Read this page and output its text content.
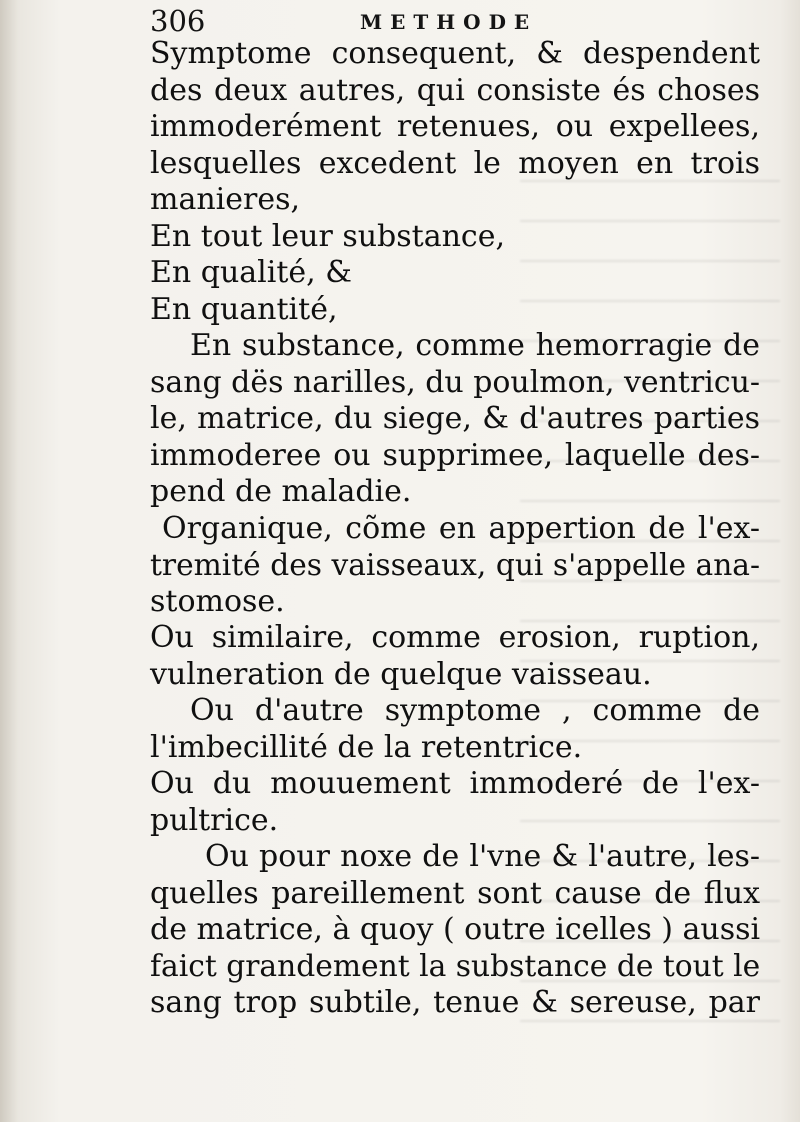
306	METHODE
Symptome consequent, & despendent
des deux autres, qui consiste és choses
immoderément retenues, ou expellees,
lesquelles excedent le moyen en trois
manieres,
En tout leur substance,
En qualité, &
En quantité,
En substance, comme hemorragie de
sang dës narilles, du poulmon, ventricu-
le, matrice, du siege, & d'autres parties
immoderee ou supprimee, laquelle des-
pend de maladie.
Organique, cõme en appertion de l'ex-
tremité des vaisseaux, qui s'appelle ana-
stomose.
Ou similaire, comme erosion, ruption,
vulneration de quelque vaisseau.
Ou d'autre symptome , comme de
l'imbecillité de la retentrice.
Ou du mouuement immoderé de l'ex-
pultrice.
Ou pour noxe de l'vne & l'autre, les-
quelles pareillement sont cause de flux
de matrice, à quoy ( outre icelles ) aussi
faict grandement la substance de tout le
sang trop subtile, tenue & sereuse, par
